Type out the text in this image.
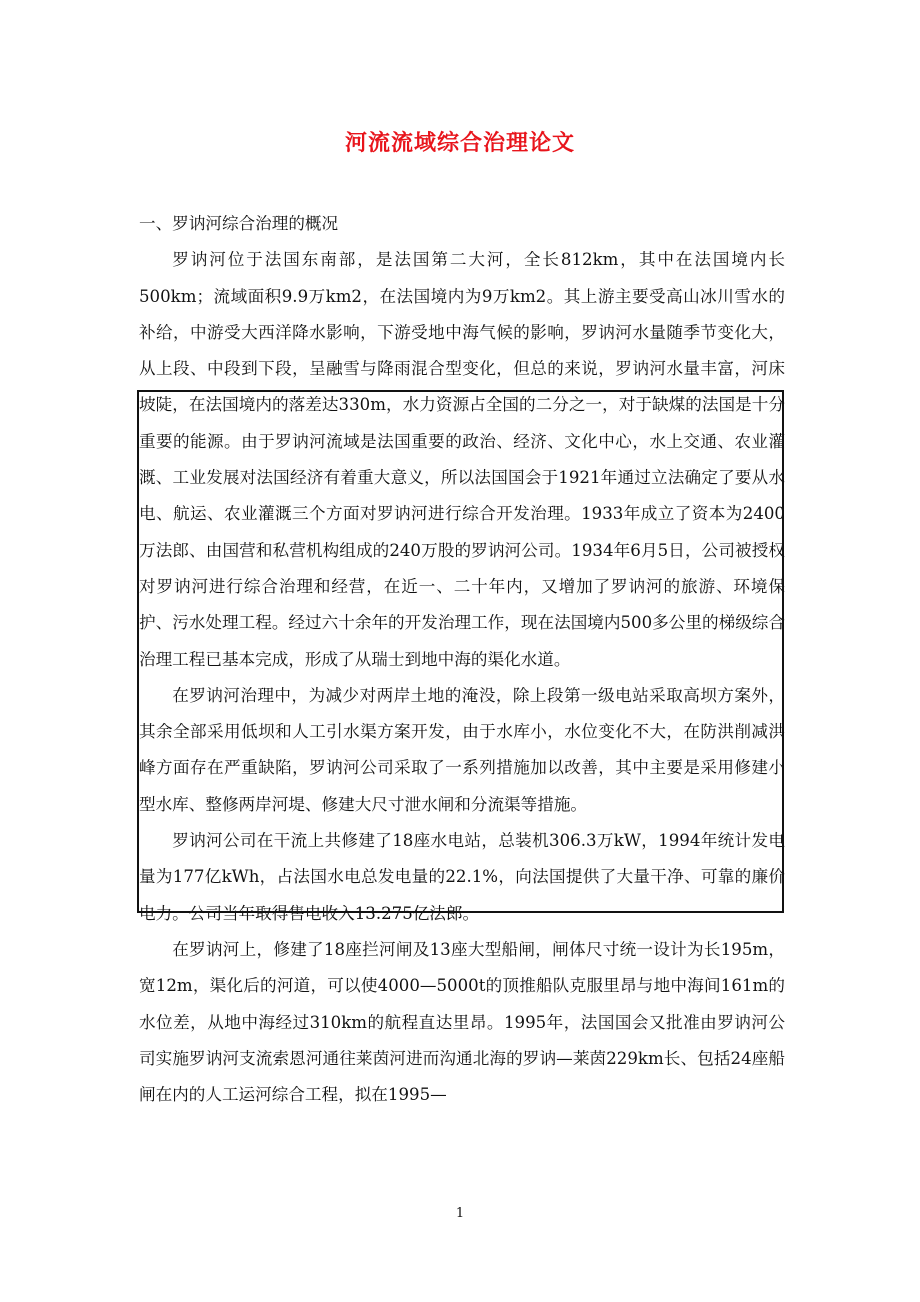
河流流域综合治理论文

一、罗讷河综合治理的概况

罗讷河位于法国东南部，是法国第二大河，全长812km，其中在法国境内长500km；流域面积9.9万km2，在法国境内为9万km2。其上游主要受高山冰川雪水的补给，中游受大西洋降水影响，下游受地中海气候的影响，罗讷河水量随季节变化大，从上段、中段到下段，呈融雪与降雨混合型变化，但总的来说，罗讷河水量丰富，河床坡陡，在法国境内的落差达330m，水力资源占全国的二分之一，对于缺煤的法国是十分重要的能源。由于罗讷河流域是法国重要的政治、经济、文化中心，水上交通、农业灌溉、工业发展对法国经济有着重大意义，所以法国国会于1921年通过立法确定了要从水电、航运、农业灌溉三个方面对罗讷河进行综合开发治理。1933年成立了资本为2400万法郎、由国营和私营机构组成的240万股的罗讷河公司。1934年6月5日，公司被授权对罗讷河进行综合治理和经营，在近一、二十年内，又增加了罗讷河的旅游、环境保护、污水处理工程。经过六十余年的开发治理工作，现在法国境内500多公里的梯级综合治理工程已基本完成，形成了从瑞士到地中海的渠化水道。

在罗讷河治理中，为减少对两岸土地的淹没，除上段第一级电站采取高坝方案外，其余全部采用低坝和人工引水渠方案开发，由于水库小，水位变化不大，在防洪削减洪峰方面存在严重缺陷，罗讷河公司采取了一系列措施加以改善，其中主要是采用修建小型水库、整修两岸河堤、修建大尺寸泄水闸和分流渠等措施。

罗讷河公司在干流上共修建了18座水电站，总装机306.3万kW，1994年统计发电量为177亿kWh，占法国水电总发电量的22.1%，向法国提供了大量干净、可靠的廉价电力。公司当年取得售电收入13.275亿法郎。

在罗讷河上，修建了18座拦河闸及13座大型船闸，闸体尺寸统一设计为长195m，宽12m，渠化后的河道，可以使4000—5000t的顶推船队克服里昂与地中海间161m的水位差，从地中海经过310km的航程直达里昂。1995年，法国国会又批准由罗讷河公司实施罗讷河支流索恩河通往莱茵河进而沟通北海的罗讷—莱茵229km长、包括24座船闸在内的人工运河综合工程，拟在1995—

1
